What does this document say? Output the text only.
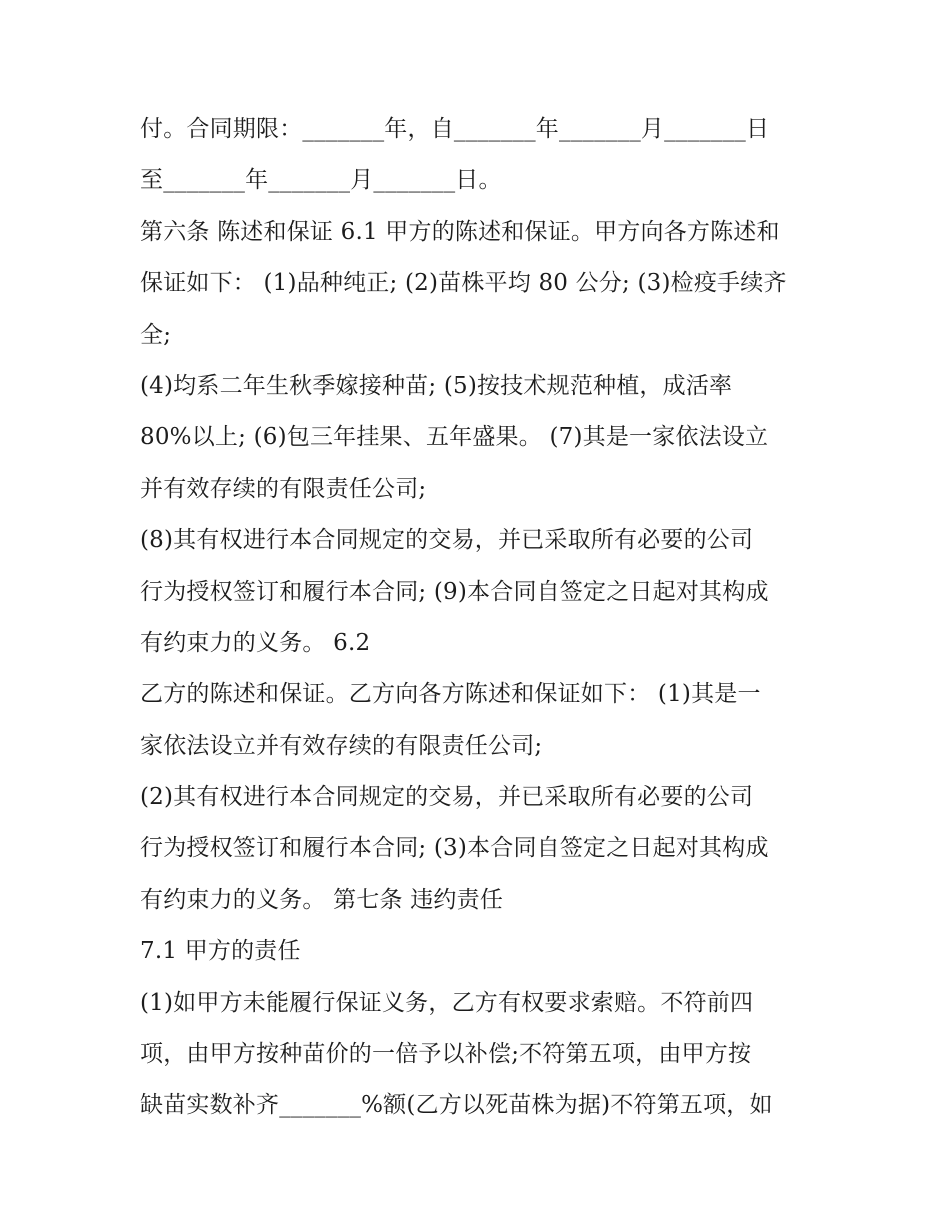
付。合同期限：_______年，自_______年_______月_______日
至_______年_______月_______日。
第六条 陈述和保证 6.1 甲方的陈述和保证。甲方向各方陈述和
保证如下： (1)品种纯正; (2)苗株平均 80 公分; (3)检疫手续齐
全;
(4)均系二年生秋季嫁接种苗; (5)按技术规范种植，成活率
80%以上; (6)包三年挂果、五年盛果。 (7)其是一家依法设立
并有效存续的有限责任公司;
(8)其有权进行本合同规定的交易，并已采取所有必要的公司
行为授权签订和履行本合同; (9)本合同自签定之日起对其构成
有约束力的义务。 6.2
乙方的陈述和保证。乙方向各方陈述和保证如下： (1)其是一
家依法设立并有效存续的有限责任公司;
(2)其有权进行本合同规定的交易，并已采取所有必要的公司
行为授权签订和履行本合同; (3)本合同自签定之日起对其构成
有约束力的义务。 第七条 违约责任
7.1 甲方的责任
(1)如甲方未能履行保证义务，乙方有权要求索赔。不符前四
项，由甲方按种苗价的一倍予以补偿;不符第五项，由甲方按
缺苗实数补齐_______%额(乙方以死苗株为据)不符第五项，如
